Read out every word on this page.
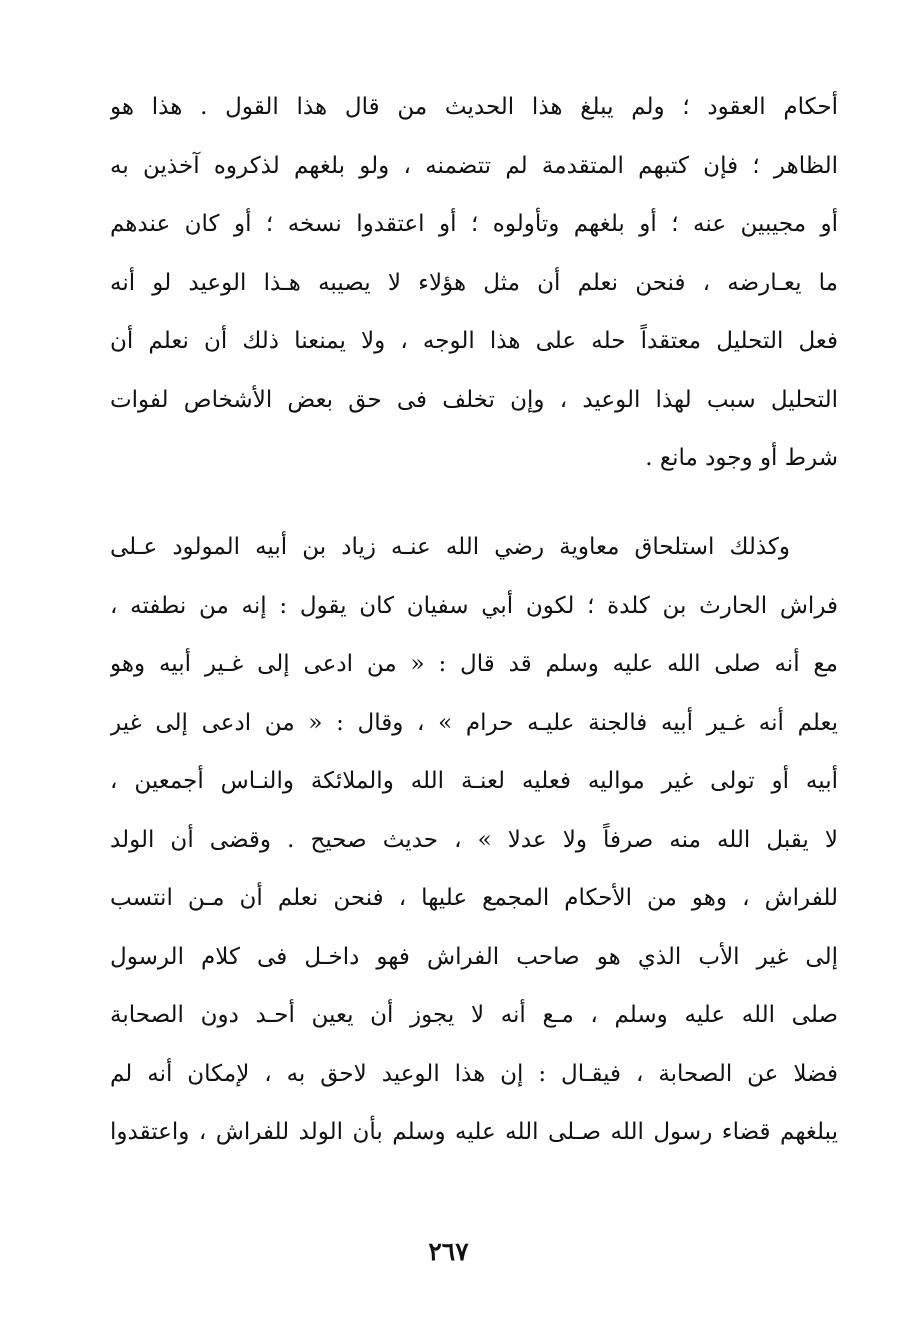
أحكام العقود ؛ ولم يبلغ هذا الحديث من قال هذا القول . هذا هو
الظاهر ؛ فإن كتبهم المتقدمة لم تتضمنه ، ولو بلغهم لذكروه آخذين به
أو مجيبين عنه ؛ أو بلغهم وتأولوه ؛ أو اعتقدوا نسخه ؛ أو كان عندهم
ما يعـارضه ، فنحن نعلم أن مثل هؤلاء لا يصيبه هـذا الوعيد لو أنه
فعل التحليل معتقداً حله على هذا الوجه ، ولا يمنعنا ذلك أن نعلم أن
التحليل سبب لهذا الوعيد ، وإن تخلف فى حق بعض الأشخاص لفوات
شرط أو وجود مانع .
وكذلك استلحاق معاوية رضي الله عنـه زياد بن أبيه المولود عـلى
فراش الحارث بن كلدة ؛ لكون أبي سفيان كان يقول : إنه من نطفته ،
مع أنه صلى الله عليه وسلم قد قال : « من ادعى إلى غـير أبيه وهو
يعلم أنه غـير أبيه فالجنة عليـه حرام » ، وقال : « من ادعى إلى غير
أبيه أو تولى غير مواليه فعليه لعنـة الله والملائكة والنـاس أجمعين ،
لا يقبل الله منه صرفاً ولا عدلا » ، حديث صحيح . وقضى أن الولد
للفراش ، وهو من الأحكام المجمع عليها ، فنحن نعلم أن مـن انتسب
إلى غير الأب الذي هو صاحب الفراش فهو داخـل فى كلام الرسول
صلى الله عليه وسلم ، مـع أنه لا يجوز أن يعين أحـد دون الصحابة
فضلا عن الصحابة ، فيقـال : إن هذا الوعيد لاحق به ، لإمكان أنه لم
يبلغهم قضاء رسول الله صـلى الله عليه وسلم بأن الولد للفراش ، واعتقدوا
٢٦٧
